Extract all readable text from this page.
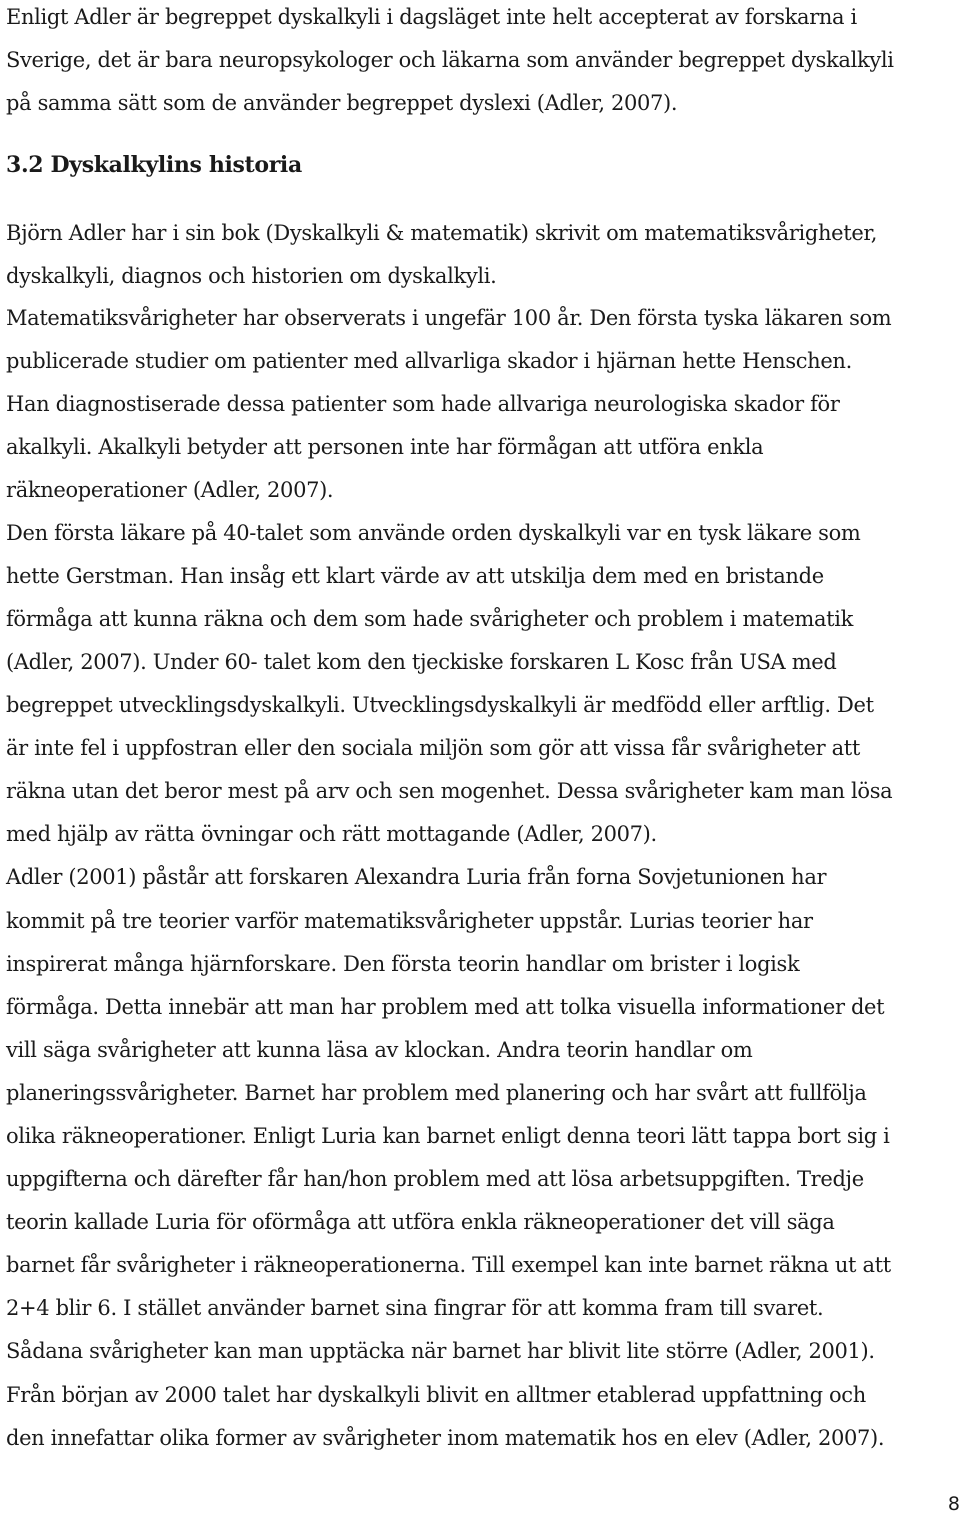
Enligt Adler är begreppet dyskalkyli i dagsläget inte helt accepterat av forskarna i
Sverige, det är bara neuropsykologer och läkarna som använder begreppet dyskalkyli
på samma sätt som de använder begreppet dyslexi (Adler, 2007).
3.2 Dyskalkylins historia
Björn Adler har i sin bok (Dyskalkyli & matematik) skrivit om matematiksvårigheter,
dyskalkyli, diagnos och historien om dyskalkyli.
Matematiksvårigheter har observerats i ungefär 100 år. Den första tyska läkaren som
publicerade studier om patienter med allvarliga skador i hjärnan hette Henschen.
Han diagnostiserade dessa patienter som hade allvariga neurologiska skador för
akalkyli. Akalkyli betyder att personen inte har förmågan att utföra enkla
räkneoperationer (Adler, 2007).
Den första läkare på 40-talet som använde orden dyskalkyli var en tysk läkare som
hette Gerstman. Han insåg ett klart värde av att utskilja dem med en bristande
förmåga att kunna räkna och dem som hade svårigheter och problem i matematik
(Adler, 2007). Under 60- talet kom den tjeckiske forskaren L Kosc från USA med
begreppet utvecklingsdyskalkyli. Utvecklingsdyskalkyli är medfödd eller arftlig. Det
är inte fel i uppfostran eller den sociala miljön som gör att vissa får svårigheter att
räkna utan det beror mest på arv och sen mogenhet. Dessa svårigheter kam man lösa
med hjälp av rätta övningar och rätt mottagande (Adler, 2007).
Adler (2001) påstår att forskaren Alexandra Luria från forna Sovjetunionen har
kommit på tre teorier varför matematiksvårigheter uppstår. Lurias teorier har
inspirerat många hjärnforskare. Den första teorin handlar om brister i logisk
förmåga. Detta innebär att man har problem med att tolka visuella informationer det
vill säga svårigheter att kunna läsa av klockan. Andra teorin handlar om
planeringssvårigheter. Barnet har problem med planering och har svårt att fullfölja
olika räkneoperationer. Enligt Luria kan barnet enligt denna teori lätt tappa bort sig i
uppgifterna och därefter får han/hon problem med att lösa arbetsuppgiften. Tredje
teorin kallade Luria för oförmåga att utföra enkla räkneoperationer det vill säga
barnet får svårigheter i räkneoperationerna. Till exempel kan inte barnet räkna ut att
2+4 blir 6. I stället använder barnet sina fingrar för att komma fram till svaret.
Sådana svårigheter kan man upptäcka när barnet har blivit lite större (Adler, 2001).
Från början av 2000 talet har dyskalkyli blivit en alltmer etablerad uppfattning och
den innefattar olika former av svårigheter inom matematik hos en elev (Adler, 2007).
8
